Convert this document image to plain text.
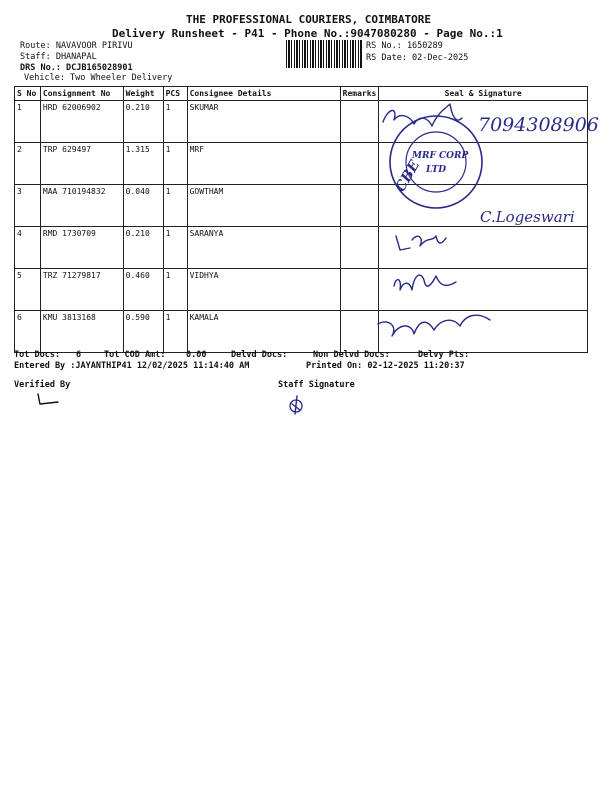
THE PROFESSIONAL COURIERS, COIMBATORE
Delivery Runsheet - P41 - Phone No.:9047080280 - Page No.:1
Route: NAVAVOOR PIRIVU
Staff: DHANAPAL
DRS No.: DCJB165028901
Vehicle: Two Wheeler Delivery
RS No.: 1650289
RS Date: 02-Dec-2025
S No	Consignment No	Weight	PCS	Consignee Details	Remarks	Seal & Signature
1	HRD 62006902	0.210	1	SKUMAR		
2	TRP 629497	1.315	1	MRF		
3	MAA 710194832	0.040	1	GOWTHAM		
4	RMD 1730709	0.210	1	SARANYA		
5	TRZ 71279817	0.460	1	VIDHYA		
6	KMU 3813168	0.590	1	KAMALA		
7094308906
MRF CORP
CBE LTD
C.Logeswari
Tot Docs: 6	Tot COD Amt: 0.00	Delvd Docs:	Non Delvd Docs:	Delvy Pts:
Entered By :JAYANTHIP41 12/02/2025 11:14:40 AM	Printed On: 02-12-2025 11:20:37
Verified By	Staff Signature
